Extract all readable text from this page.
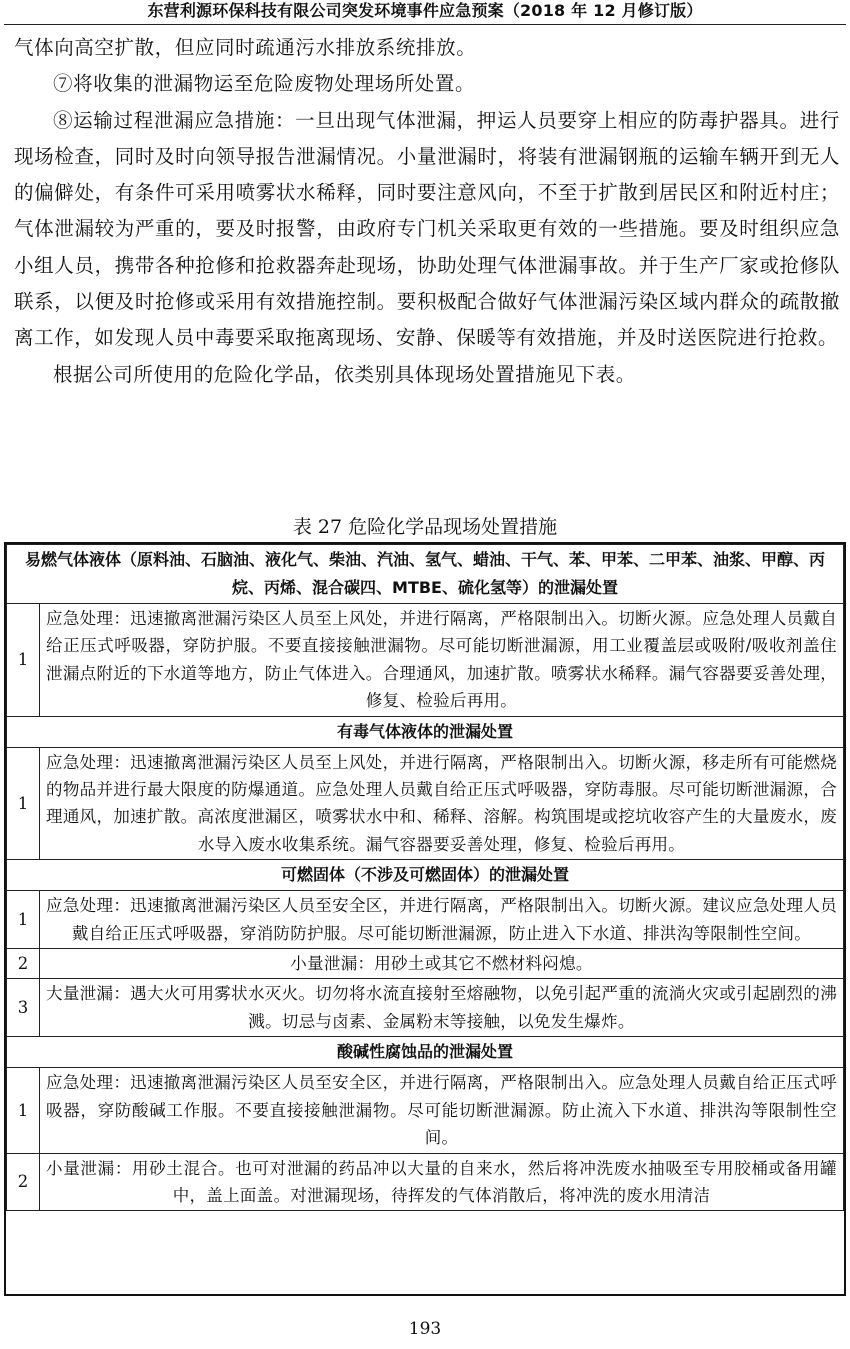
东营利源环保科技有限公司突发环境事件应急预案（2018 年 12 月修订版）

气体向高空扩散，但应同时疏通污水排放系统排放。

⑦将收集的泄漏物运至危险废物处理场所处置。

⑧运输过程泄漏应急措施：一旦出现气体泄漏，押运人员要穿上相应的防毒护器具。进行现场检查，同时及时向领导报告泄漏情况。小量泄漏时，将装有泄漏钢瓶的运输车辆开到无人的偏僻处，有条件可采用喷雾状水稀释，同时要注意风向，不至于扩散到居民区和附近村庄；气体泄漏较为严重的，要及时报警，由政府专门机关采取更有效的一些措施。要及时组织应急小组人员，携带各种抢修和抢救器奔赴现场，协助处理气体泄漏事故。并于生产厂家或抢修队联系，以便及时抢修或采用有效措施控制。要积极配合做好气体泄漏污染区域内群众的疏散撤离工作，如发现人员中毒要采取拖离现场、安静、保暖等有效措施，并及时送医院进行抢救。

根据公司所使用的危险化学品，依类别具体现场处置措施见下表。

表 27 危险化学品现场处置措施
易燃气体液体（原料油、石脑油、液化气、柴油、汽油、氢气、蜡油、干气、苯、甲苯、二甲苯、油浆、甲醇、丙烷、丙烯、混合碳四、MTBE、硫化氢等）的泄漏处置	
1	应急处理：迅速撤离泄漏污染区人员至上风处，并进行隔离，严格限制出入。切断火源。应急处理人员戴自给正压式呼吸器，穿防护服。不要直接接触泄漏物。尽可能切断泄漏源，用工业覆盖层或吸附/吸收剂盖住泄漏点附近的下水道等地方，防止气体进入。合理通风，加速扩散。喷雾状水稀释。漏气容器要妥善处理，修复、检验后再用。
有毒气体液体的泄漏处置	
1	应急处理：迅速撤离泄漏污染区人员至上风处，并进行隔离，严格限制出入。切断火源，移走所有可能燃烧的物品并进行最大限度的防爆通道。应急处理人员戴自给正压式呼吸器，穿防毒服。尽可能切断泄漏源，合理通风，加速扩散。高浓度泄漏区，喷雾状水中和、稀释、溶解。构筑围堤或挖坑收容产生的大量废水，废水导入废水收集系统。漏气容器要妥善处理，修复、检验后再用。
可燃固体（不涉及可燃固体）的泄漏处置	
1	应急处理：迅速撤离泄漏污染区人员至安全区，并进行隔离，严格限制出入。切断火源。建议应急处理人员戴自给正压式呼吸器，穿消防防护服。尽可能切断泄漏源，防止进入下水道、排洪沟等限制性空间。
2	小量泄漏：用砂土或其它不燃材料闷熄。
3	大量泄漏：遇大火可用雾状水灭火。切勿将水流直接射至熔融物，以免引起严重的流淌火灾或引起剧烈的沸溅。切忌与卤素、金属粉末等接触，以免发生爆炸。
酸碱性腐蚀品的泄漏处置	
1	应急处理：迅速撤离泄漏污染区人员至安全区，并进行隔离，严格限制出入。应急处理人员戴自给正压式呼吸器，穿防酸碱工作服。不要直接接触泄漏物。尽可能切断泄漏源。防止流入下水道、排洪沟等限制性空间。
2	小量泄漏：用砂土混合。也可对泄漏的药品冲以大量的自来水，然后将冲洗废水抽吸至专用胶桶或备用罐中，盖上面盖。对泄漏现场，待挥发的气体消散后，将冲洗的废水用清洁
193
